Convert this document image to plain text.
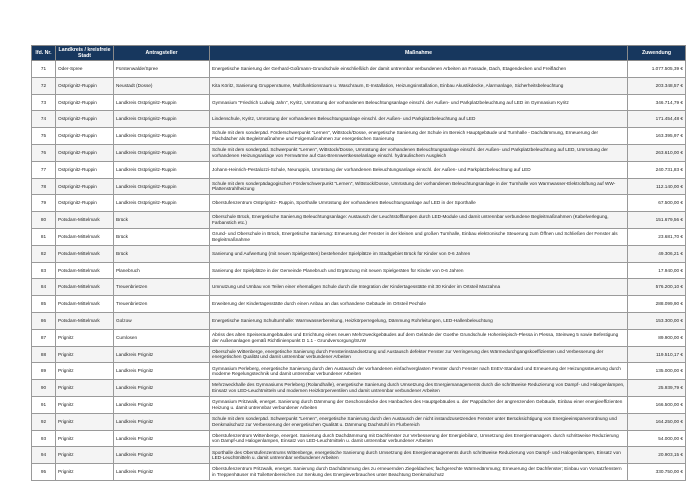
lfd. Nr.	Landkreis / kreisfreie Stadt	Antragsteller	Maßnahme	Zuwendung
71	Oder-Spree	Fürstenwalde/Spree	Energetische Sanierung der Gerhard-Goßmann-Grundschule einschließlich der damit untrennbar verbundenen Arbeiten an Fassade, Dach, Etagendecken und Freiflächen	1.077.505,39 €
72	Ostprignitz-Ruppin	Neustadt (Dosse)	Kita Köritz, Sanierung Gruppenräume, Multifunktionsraum u. Waschraum, E-Installation, Heizungsinstallation, Einbau Akustikdecke, Alarmanlage, Sicherheitsbeleuchtung	203.348,57 €
73	Ostprignitz-Ruppin	Landkreis Ostprignitz-Ruppin	Gymnasium "Friedrich Ludwig Jahn", Kyritz, Umrüstung der vorhandenen Beleuchtungsanlage einschl. der Außen- und Parkplatzbeleuchtung auf LED im Gymnasium Kyritz	346.714,79 €
74	Ostprignitz-Ruppin	Landkreis Ostprignitz-Ruppin	Lindenschule, Kyritz, Umrüstung der vorhandenen Beleuchtungsanlage einschl. der Außen- und Parkplatzbeleuchtung auf LED	171.454,48 €
75	Ostprignitz-Ruppin	Landkreis Ostprignitz-Ruppin	Schule mit dem sonderpäd. Förderschwerpunkt "Lernen", Wittstock/Dosse, energetische Sanierung der Schule im Bereich Hauptgebäude und Turnhalle - Dachdämmung, Erneuerung der Flachdächer als Begleitmaßnahme und Folgemaßnahmen zur energetischen Sanierung	163.395,97 €
76	Ostprignitz-Ruppin	Landkreis Ostprignitz-Ruppin	Schule mit dem sonderpäd. Schwerpunkt "Lernen", Wittstock/Dosse, Umrüstung der vorhandenen Beleuchtungsanlage einschl. der Außen- und Parkplatzbeleuchtung auf LED, Umrüstung der vorhandenen Heizungsanlage von Fernwärme auf Gas-Brennwertkesselanlage einschl. hydraulischem Ausgleich	263.610,00 €
77	Ostprignitz-Ruppin	Landkreis Ostprignitz-Ruppin	Johann-Heinrich-Pestalozzi-Schule, Neuruppin, Umrüstung der vorhandenen Beleuchtungsanlage einschl. der Außen- und Parkplatzbeleuchtung auf LED	240.731,83 €
78	Ostprignitz-Ruppin	Landkreis Ostprignitz-Ruppin	Schule mit dem sonderpädagogischen Förderschwerpunkt "Lernen", Wittstock/Dosse, Umrüstung der vorhandenen Beleuchtungsanlage in der Turnhalle von Warmwasser-Elektrolüftung auf WW-Plattenstrahlheizung	112.140,00 €
79	Ostprignitz-Ruppin	Landkreis Ostprignitz-Ruppin	Oberstufenzentrum Ostprignitz- Ruppin, Sporthalle Umrüstung der vorhandenen Beleuchtungsanlage auf LED in der Sporthalle	67.500,00 €
80	Potsdam-Mittelmark	Brück	Oberschule Brück, Energetische Sanierung Beleuchtungsanlage: Austausch der Leuchtstofflampen durch LED-Module und damit untrennbar verbundene Begleitmaßnahmen (Kabelverlegung, Farbanstich etc.)	151.679,56 €
81	Potsdam-Mittelmark	Brück	Grund- und Oberschule in Brück, Energetische Sanierung: Erneuerung der Fenster in der kleinen und großen Turnhalle, Einbau elektronische Steuerung zum Öffnen und Schließen der Fenster als Begleitmaßnahme	23.681,70 €
82	Potsdam-Mittelmark	Brück	Sanierung und Aufwertung (mit neuen Spielgeräten) bestehender Spielplätze im Stadtgebiet Brück für Kinder von 0-6 Jahren	49.306,21 €
83	Potsdam-Mittelmark	Planebruch	Sanierung der Spielplätze in der Gemeinde Planebruch und Ergänzung mit neuen Spielgeräten für Kinder von 0-6 Jahren	17.940,00 €
84	Potsdam-Mittelmark	Treuenbrietzen	Umnutzung und Umbau von Teilen einer ehemaligen Schule durch die Integration der Kindertagesstätte mit 30 Kinder im Ortsteil Marzahna	576.200,10 €
85	Potsdam-Mittelmark	Treuenbrietzen	Erweiterung der Kindertagesstätte durch einen Anbau an das vorhandene Gebäude im Ortsteil Pechüle	288.099,90 €
86	Potsdam-Mittelmark	Golzow	Energetische Sanierung Schulturnhalle: Warmwasserbereitung, Heizkörperregelung, Dämmung Rohrleitungen, LED-Hallenbeleuchtung	153.300,00 €
87	Prignitz	Cumlosen	Abriss des alten Speiseraumgebäudes und Errichtung eines neuen Mehrzweckgebäudes auf dem Gelände der Goethe Grundschule Hohenleipisch-Plessa in Plessa, Steinweg 5 sowie Befestigung der Außenanlagen gemäß Richtlinienpunkt D 1.1 - Grundversorgung/SUW	89.900,00 €
88	Prignitz	Landkreis Prignitz	Oberschule Wittenberge, energetische Sanierung durch Fensterinstandsetzung und Austausch defekter Fenster zur Verringerung des Wärmedurchgangskoeffizienten und Verbesserung der energetischen Qualität und damit untrennbar verbundener Arbeiten	119.510,17 €
89	Prignitz	Landkreis Prignitz	Gymnasium Perleberg, energetische Sanierung durch den Austausch der vorhandenen einfachverglasten Fenster durch Fenster nach EnEV-Standard und Erneuerung der Heizungssteuerung durch moderne Regelungstechnik und damit untrennbar verbundener Arbeiten	135.000,00 €
90	Prignitz	Landkreis Prignitz	Mehrzweckhalle des Gymnasiums Perleberg (Rolandhalle), energetische Sanierung durch Umsetzung des Energiemanagements durch die schrittweise Reduzierung von Dampf- und Halogenlampen, Einsatz von LED-Leuchtmitteln und modernen Heizkörperventilen und damit untrennbar verbundener Arbeiten	25.939,79 €
91	Prignitz	Landkreis Prignitz	Gymnasium Pritzwalk, energet. Sanierung durch Dämmung der Geschossdecke des Hanbaches des Hauptgebäudes u. der Pappdächer der angrenzenden Gebäude, Einbau einer energieeffizienten Heizung u. damit untrennbar verbundener Arbeiten	166.500,00 €
92	Prignitz	Landkreis Prignitz	Schule mit dem sonderpäd. Schwerpunkt "Lernen", energetische Sanierung durch den Austausch der nicht instandzusetzenden Fenster unter Berücksichtigung von Energieeinsparverordnung und Denkmalschutz zur Verbesserung der energetischen Qualität u. Dämmung Dachstuhl im Flurbereich	164.250,00 €
93	Prignitz	Landkreis Prignitz	Oberstufenzentrum Wittenberge, energet. Sanierung durch Dachdämmung mit Dachfenster zur Verbesserung der Energiebilanz, Umsetzung des Energiemanagem. durch schrittweise Reduzierung von Dampf-und Halogenlampen, Einsatz von LED-Leuchtmitteln u. damit untrennbar verbundener Arbeiten	54.000,00 €
94	Prignitz	Landkreis Prignitz	Sporthalle des Oberstufenzentrums Wittenberge, energetische Sanierung durch Umsetzung des Energiemanagements durch schrittweise Reduzierung von Dampf- und Halogenlampen, Einsatz von LED-Leuchtmitteln u. damit untrennbar verbundener Arbeiten	20.903,15 €
95	Prignitz	Landkreis Prignitz	Oberstufenzentrum Pritzwalk, energet. Sanierung durch Dachdämmung des zu erneuernden Ziegeldaches; fachgerechte Wärmedämmung; Erneuerung der Dachfenster; Einbau von Vorsatzfenstern in Treppenhäuser mit Toilettenbereichen zur Senkung des Energieverbrauches unter Beachtung Denkmalschutz	330.750,00 €
